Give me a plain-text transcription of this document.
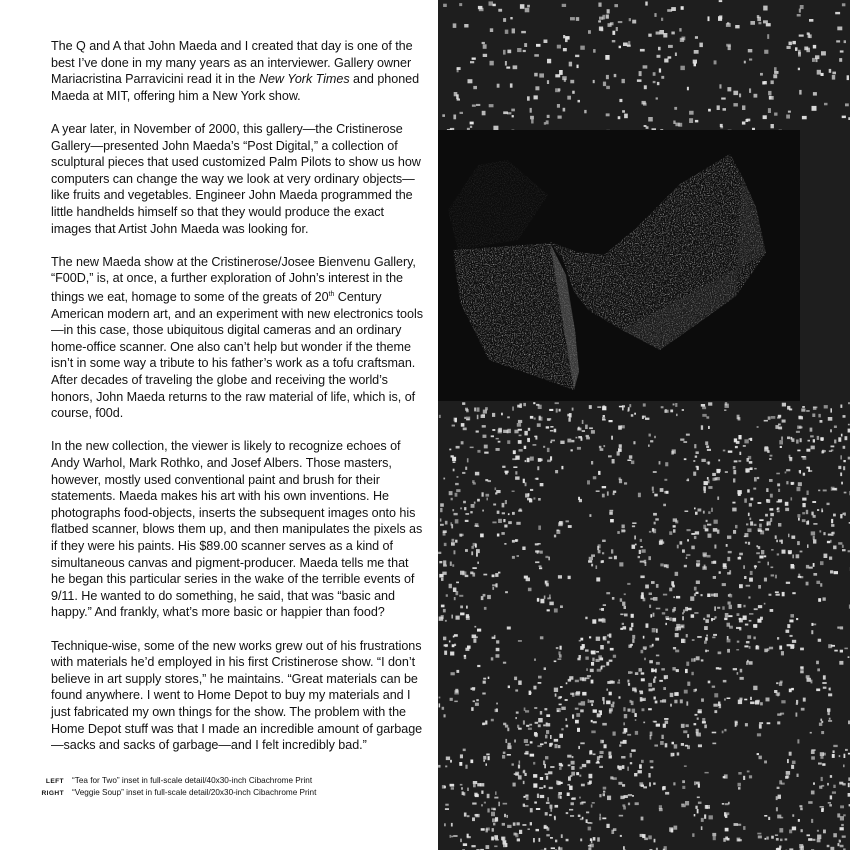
The Q and A that John Maeda and I created that day is one of the best I’ve done in my many years as an interviewer. Gallery owner Mariacristina Parravicini read it in the New York Times and phoned Maeda at MIT, offering him a New York show.

A year later, in November of 2000, this gallery—the Cristinerose Gallery—presented John Maeda’s “Post Digital,” a collection of sculptural pieces that used customized Palm Pilots to show us how computers can change the way we look at very ordinary objects—like fruits and vegetables. Engineer John Maeda programmed the little handhelds himself so that they would produce the exact images that Artist John Maeda was looking for.

The new Maeda show at the Cristinerose/Josee Bienvenu Gallery, “F00D,” is, at once, a further exploration of John’s interest in the things we eat, homage to some of the greats of 20th Century American modern art, and an experiment with new electronics tools—in this case, those ubiquitous digital cameras and an ordinary home-office scanner. One also can’t help but wonder if the theme isn’t in some way a tribute to his father’s work as a tofu craftsman. After decades of traveling the globe and receiving the world’s honors, John Maeda returns to the raw material of life, which is, of course, f00d.

In the new collection, the viewer is likely to recognize echoes of Andy Warhol, Mark Rothko, and Josef Albers. Those masters, however, mostly used conventional paint and brush for their statements. Maeda makes his art with his own inventions. He photographs food-objects, inserts the subsequent images onto his flatbed scanner, blows them up, and then manipulates the pixels as if they were his paints. His $89.00 scanner serves as a kind of simultaneous canvas and pigment-producer. Maeda tells me that he began this particular series in the wake of the terrible events of 9/11. He wanted to do something, he said, that was “basic and happy.” And frankly, what’s more basic or happier than food?

Technique-wise, some of the new works grew out of his frustrations with materials he’d employed in his first Cristinerose show. “I don’t believe in art supply stores,” he maintains. “Great materials can be found anywhere. I went to Home Depot to buy my materials and I just fabricated my own things for the show. The problem with the Home Depot stuff was that I made an incredible amount of garbage—sacks and sacks of garbage—and I felt incredibly bad.”

LEFT “Tea for Two” inset in full-scale detail/40x30-inch Cibachrome Print
RIGHT “Veggie Soup” inset in full-scale detail/20x30-inch Cibachrome Print
